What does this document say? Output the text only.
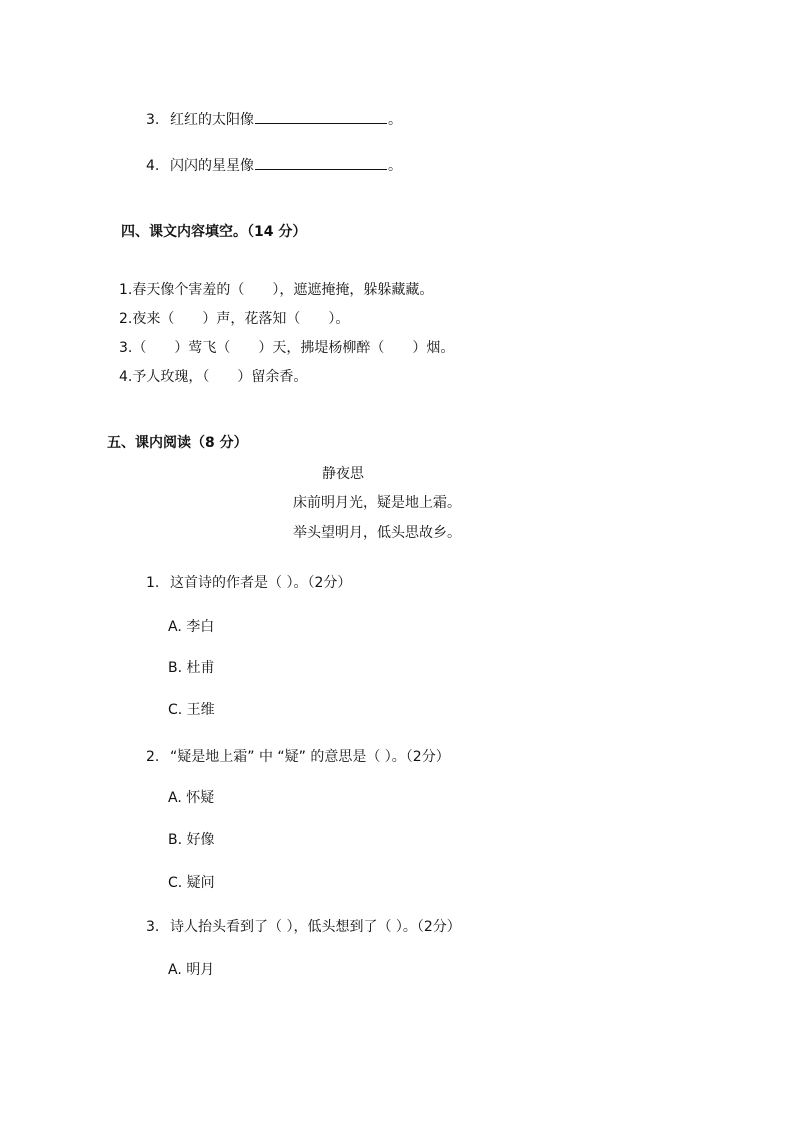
3. 红红的太阳像	。
4. 闪闪的星星像	。
四、课文内容填空。（14 分）
1.春天像个害羞的（　　），遮遮掩掩，躲躲藏藏。
2.夜来（　　）声，花落知（　　）。
3.（　　）莺飞（　　）天，拂堤杨柳醉（　　）烟。
4.予人玫瑰，（　　）留余香。
五、课内阅读（8 分）
静夜思
床前明月光，疑是地上霜。
举头望明月，低头思故乡。
1. 这首诗的作者是（ ）。（2分）
A. 李白
B. 杜甫
C. 王维
2. “疑是地上霜” 中 “疑” 的意思是（ ）。（2分）
A. 怀疑
B. 好像
C. 疑问
3. 诗人抬头看到了（ ），低头想到了（ ）。（2分）
A. 明月
